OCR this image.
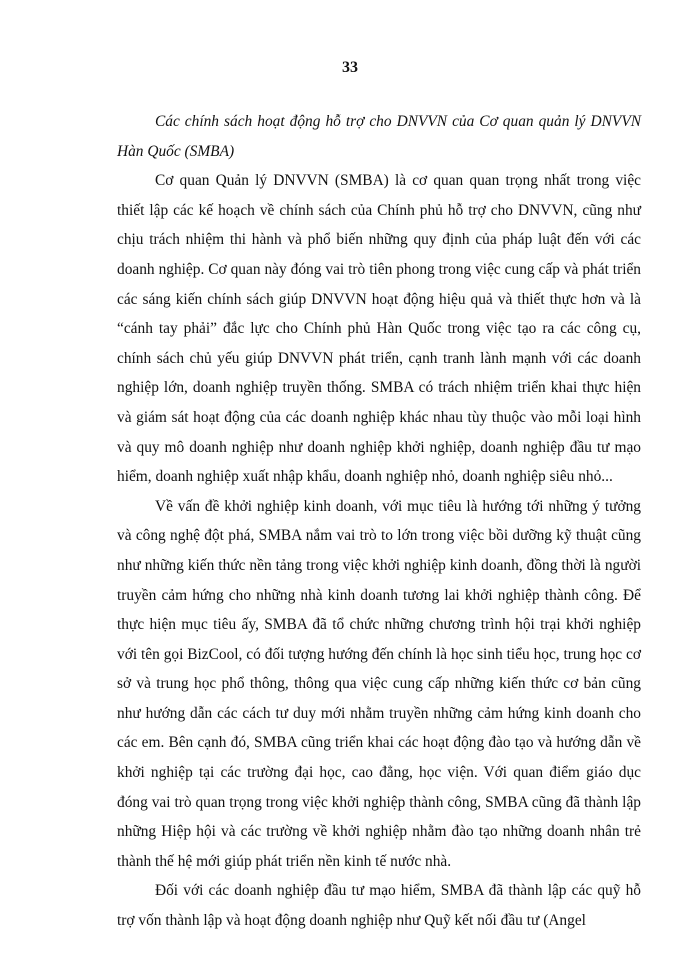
33

Các chính sách hoạt động hỗ trợ cho DNVVN của Cơ quan quản lý DNVVN Hàn Quốc (SMBA)

Cơ quan Quản lý DNVVN (SMBA) là cơ quan quan trọng nhất trong việc thiết lập các kế hoạch về chính sách của Chính phủ hỗ trợ cho DNVVN, cũng như chịu trách nhiệm thi hành và phổ biến những quy định của pháp luật đến với các doanh nghiệp. Cơ quan này đóng vai trò tiên phong trong việc cung cấp và phát triển các sáng kiến chính sách giúp DNVVN hoạt động hiệu quả và thiết thực hơn và là “cánh tay phải” đắc lực cho Chính phủ Hàn Quốc trong việc tạo ra các công cụ, chính sách chủ yếu giúp DNVVN phát triển, cạnh tranh lành mạnh với các doanh nghiệp lớn, doanh nghiệp truyền thống. SMBA có trách nhiệm triển khai thực hiện và giám sát hoạt động của các doanh nghiệp khác nhau tùy thuộc vào mỗi loại hình và quy mô doanh nghiệp như doanh nghiệp khởi nghiệp, doanh nghiệp đầu tư mạo hiểm, doanh nghiệp xuất nhập khẩu, doanh nghiệp nhỏ, doanh nghiệp siêu nhỏ...

Về vấn đề khởi nghiệp kinh doanh, với mục tiêu là hướng tới những ý tưởng và công nghệ đột phá, SMBA nắm vai trò to lớn trong việc bồi dưỡng kỹ thuật cũng như những kiến thức nền tảng trong việc khởi nghiệp kinh doanh, đồng thời là người truyền cảm hứng cho những nhà kinh doanh tương lai khởi nghiệp thành công. Để thực hiện mục tiêu ấy, SMBA đã tổ chức những chương trình hội trại khởi nghiệp với tên gọi BizCool, có đối tượng hướng đến chính là học sinh tiểu học, trung học cơ sở và trung học phổ thông, thông qua việc cung cấp những kiến thức cơ bản cũng như hướng dẫn các cách tư duy mới nhằm truyền những cảm hứng kinh doanh cho các em. Bên cạnh đó, SMBA cũng triển khai các hoạt động đào tạo và hướng dẫn về khởi nghiệp tại các trường đại học, cao đẳng, học viện. Với quan điểm giáo dục đóng vai trò quan trọng trong việc khởi nghiệp thành công, SMBA cũng đã thành lập những Hiệp hội và các trường về khởi nghiệp nhằm đào tạo những doanh nhân trẻ thành thế hệ mới giúp phát triển nền kinh tế nước nhà.

Đối với các doanh nghiệp đầu tư mạo hiểm, SMBA đã thành lập các quỹ hỗ trợ vốn thành lập và hoạt động doanh nghiệp như Quỹ kết nối đầu tư (Angel
